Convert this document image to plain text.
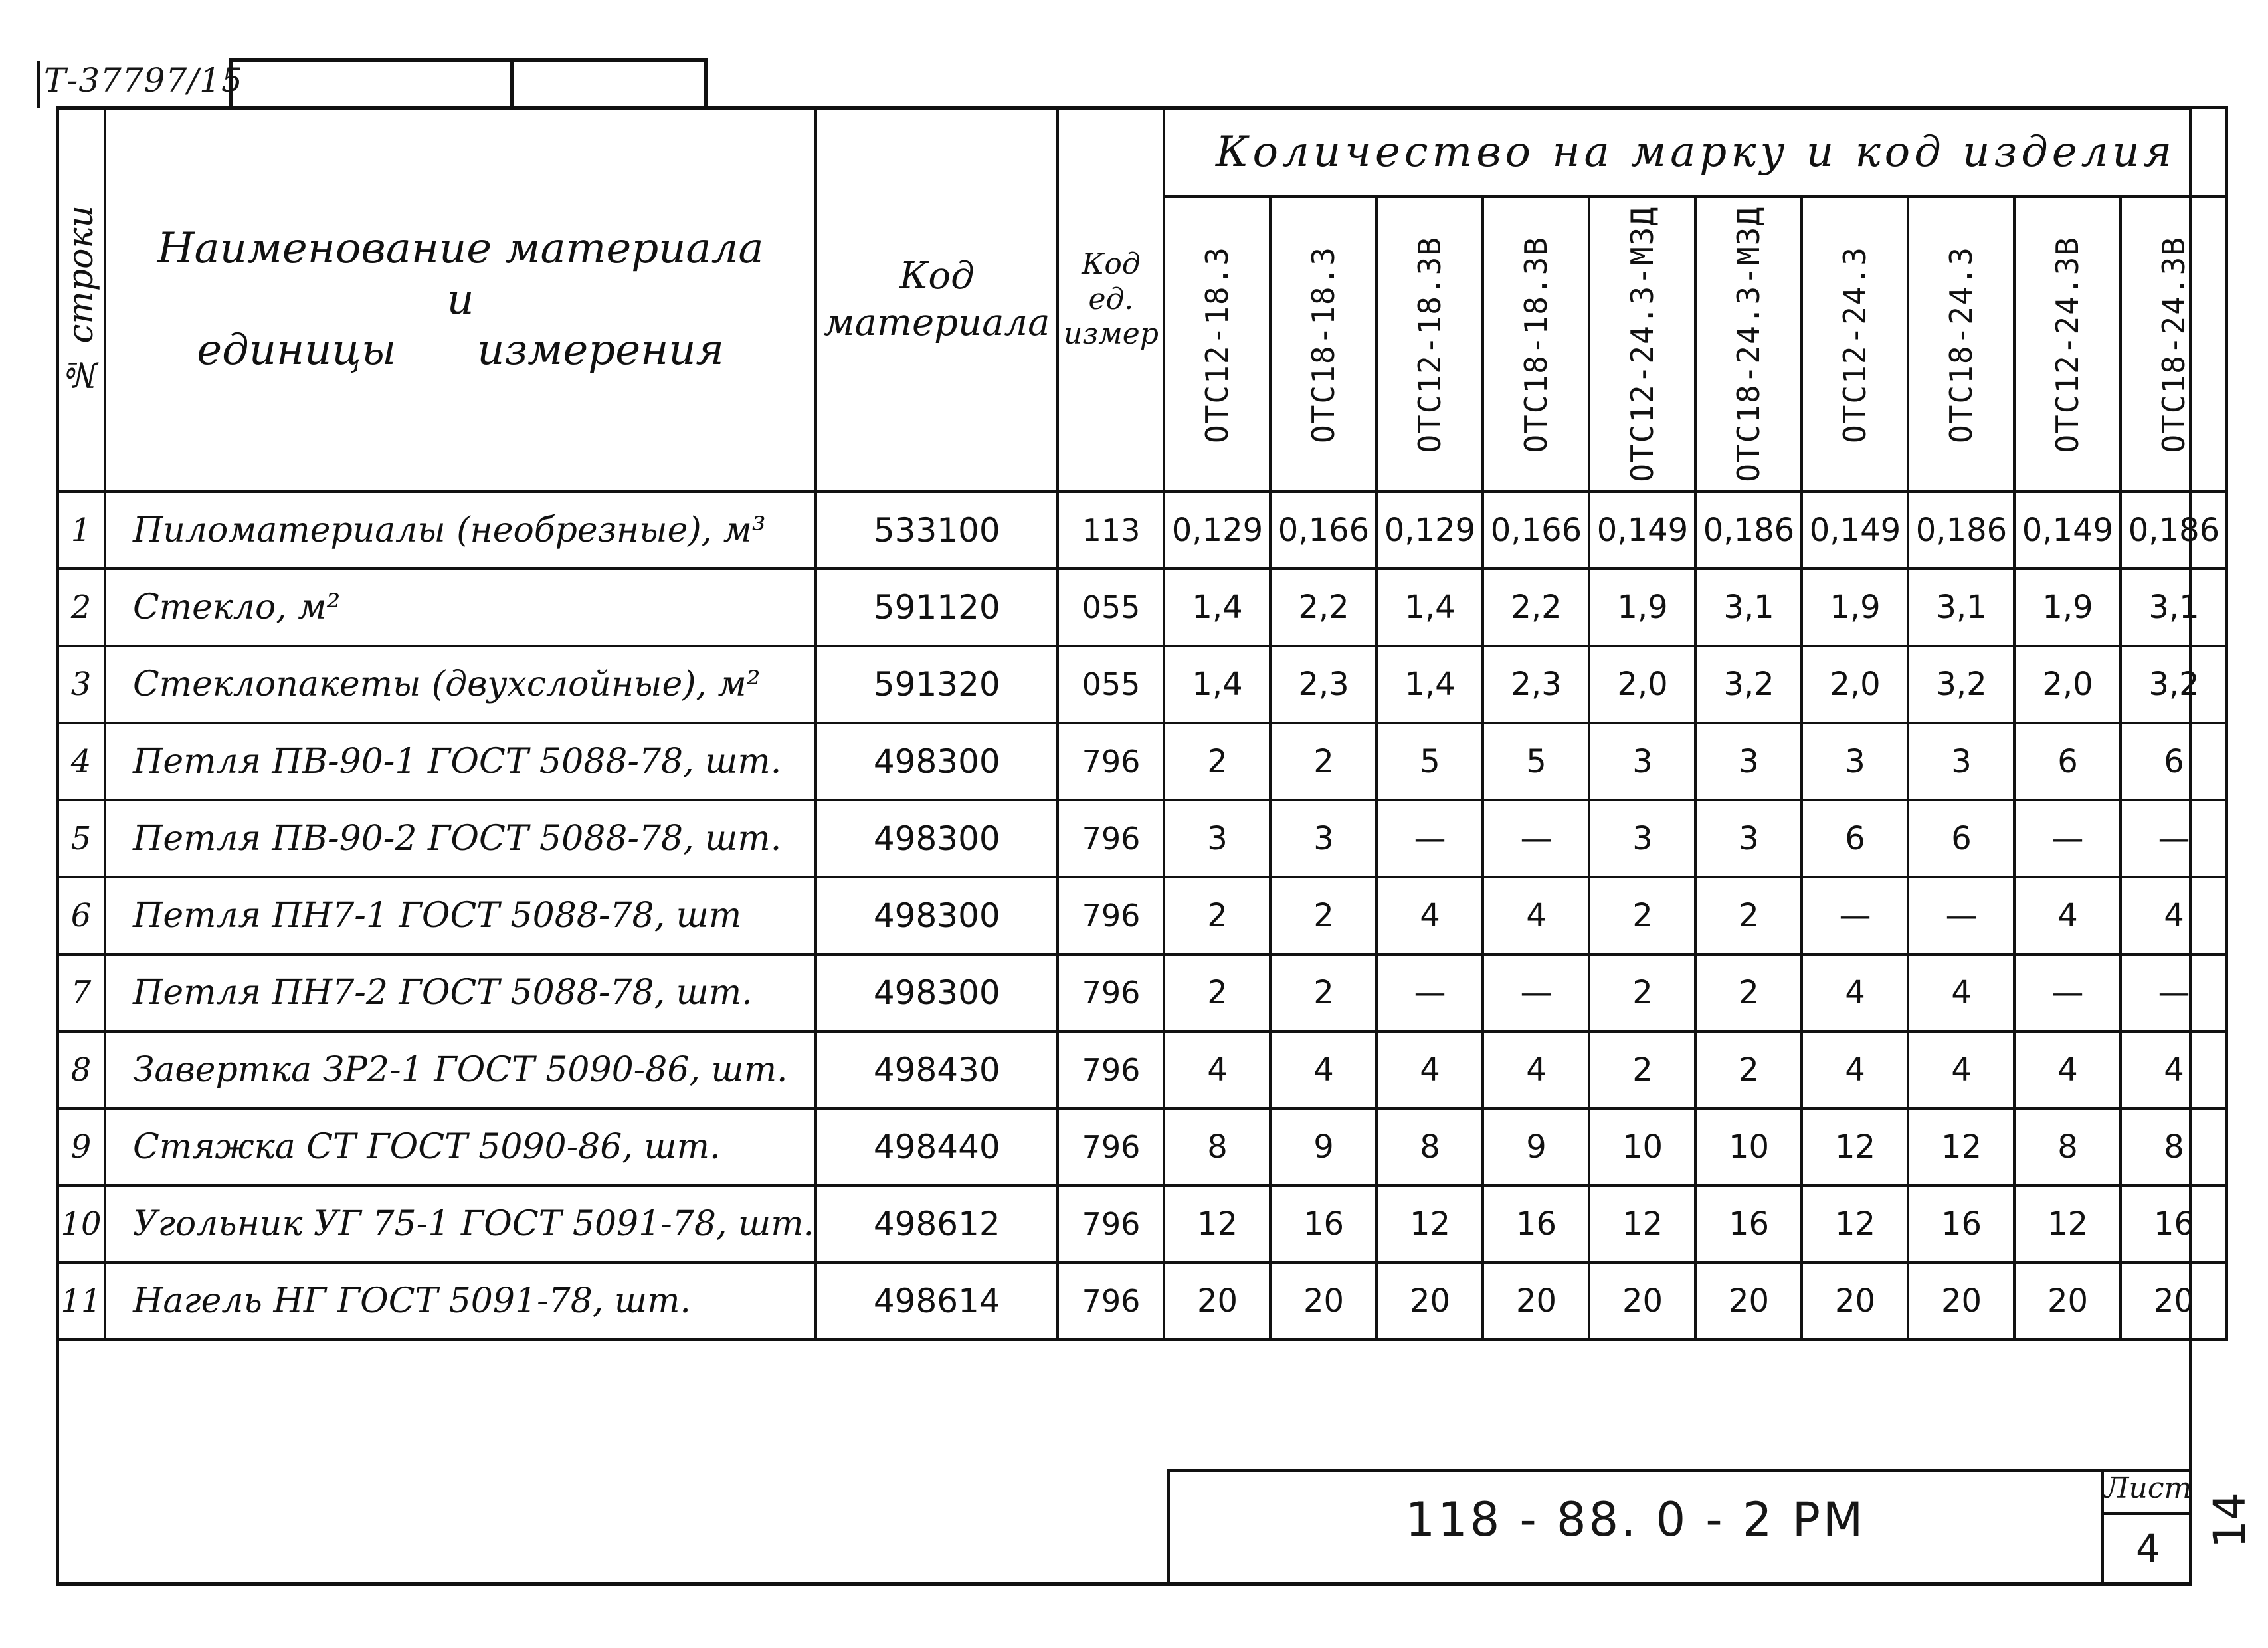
Т-37797/15
№ строки	Наименование материала
и
единицы      измерения	Код материала	Код ед. измер	Количество на марку и код изделия									

				ОТС12-18.3	ОТС18-18.3	ОТС12-18.3В	ОТС18-18.3В	ОТС12-24.3-МЗД	ОТС18-24.3-МЗД	ОТС12-24.3	ОТС18-24.3	ОТС12-24.3В	ОТС18-24.3В

1	Пиломатериалы (необрезные), м³	533100	113	0,129	0,166	0,129	0,166	0,149	0,186	0,149	0,186	0,149	0,186
2	Стекло, м²	591120	055	1,4	2,2	1,4	2,2	1,9	3,1	1,9	3,1	1,9	3,1
3	Стеклопакеты (двухслойные), м²	591320	055	1,4	2,3	1,4	2,3	2,0	3,2	2,0	3,2	2,0	3,2
4	Петля ПВ-90-1 ГОСТ 5088-78, шт.	498300	796	2	2	5	5	3	3	3	3	6	6
5	Петля ПВ-90-2 ГОСТ 5088-78, шт.	498300	796	3	3	—	—	3	3	6	6	—	—
6	Петля ПН7-1 ГОСТ 5088-78, шт	498300	796	2	2	4	4	2	2	—	—	4	4
7	Петля ПН7-2 ГОСТ 5088-78, шт.	498300	796	2	2	—	—	2	2	4	4	—	—
8	Завертка ЗР2-1 ГОСТ 5090-86, шт.	498430	796	4	4	4	4	2	2	4	4	4	4
9	Стяжка СТ ГОСТ 5090-86, шт.	498440	796	8	9	8	9	10	10	12	12	8	8
10	Угольник УГ 75-1 ГОСТ 5091-78, шт.	498612	796	12	16	12	16	12	16	12	16	12	16
11	Нагель НГ ГОСТ 5091-78, шт.	498614	796	20	20	20	20	20	20	20	20	20	20
118 - 88. 0 - 2 РМ
Лист
4	14
